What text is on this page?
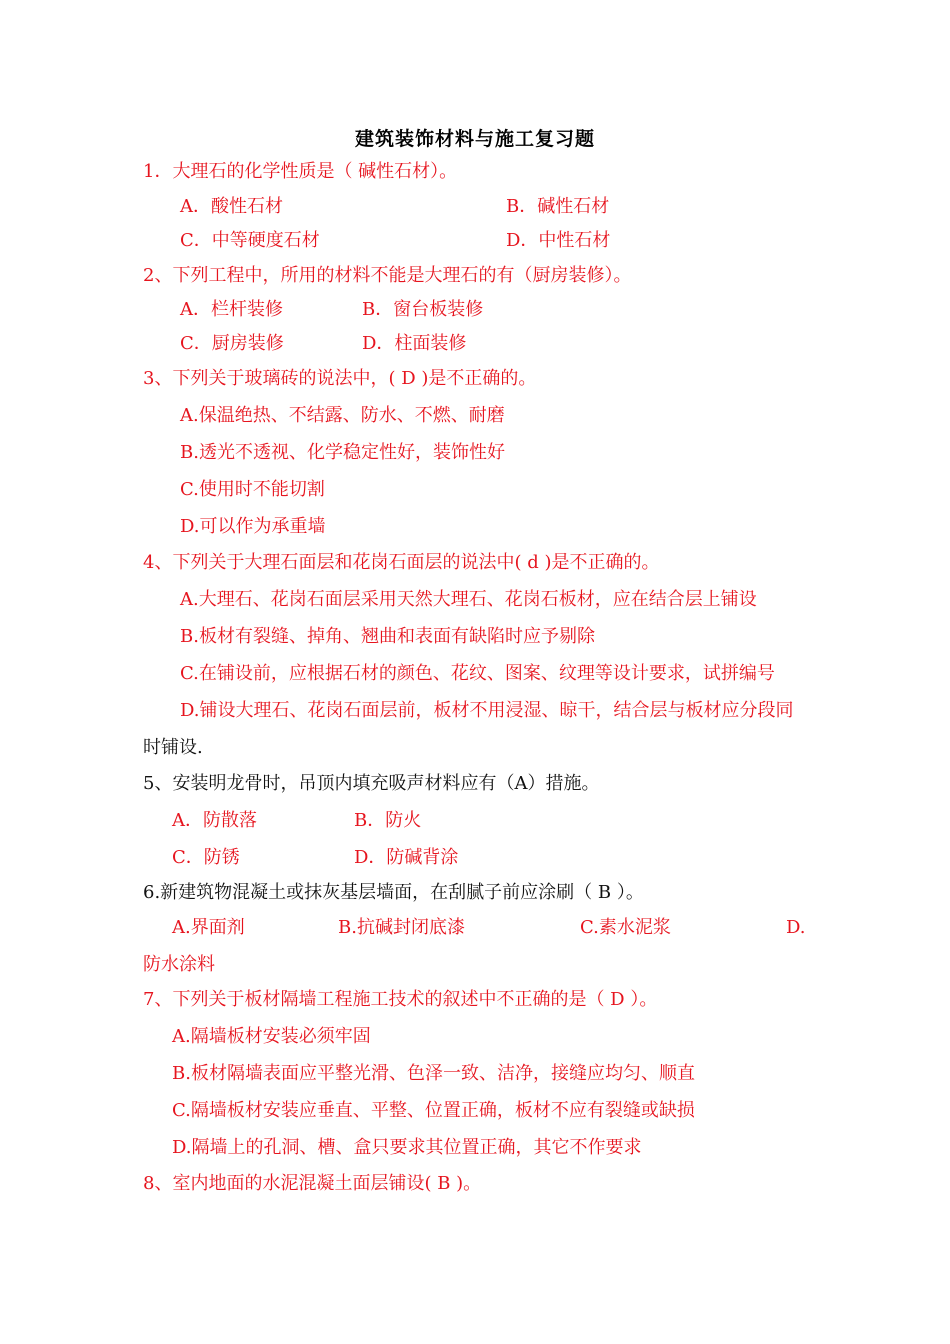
建筑装饰材料与施工复习题
1．大理石的化学性质是（ 碱性石材）。
A．酸性石材	B．碱性石材
C．中等硬度石材	D．中性石材
2、下列工程中，所用的材料不能是大理石的有（厨房装修）。
A．栏杆装修	B．窗台板装修
C．厨房装修	D．柱面装修
3、下列关于玻璃砖的说法中，( D )是不正确的。
A.保温绝热、不结露、防水、不燃、耐磨
B.透光不透视、化学稳定性好，装饰性好
C.使用时不能切割
D.可以作为承重墙
4、下列关于大理石面层和花岗石面层的说法中( d )是不正确的。
A.大理石、花岗石面层采用天然大理石、花岗石板材，应在结合层上铺设
B.板材有裂缝、掉角、翘曲和表面有缺陷时应予剔除
C.在铺设前，应根据石材的颜色、花纹、图案、纹理等设计要求，试拼编号
D.铺设大理石、花岗石面层前，板材不用浸湿、晾干，结合层与板材应分段同
时铺设.
5、安装明龙骨时，吊顶内填充吸声材料应有（A）措施。
A．防散落	B．防火
C．防锈	D．防碱背涂
6.新建筑物混凝土或抹灰基层墙面，在刮腻子前应涂刷（ B ）。
A.界面剂	B.抗碱封闭底漆	C.素水泥浆	D.
防水涂料
7、下列关于板材隔墙工程施工技术的叙述中不正确的是（ D ）。
A.隔墙板材安装必须牢固
B.板材隔墙表面应平整光滑、色泽一致、洁净，接缝应均匀、顺直
C.隔墙板材安装应垂直、平整、位置正确，板材不应有裂缝或缺损
D.隔墙上的孔洞、槽、盒只要求其位置正确，其它不作要求
8、室内地面的水泥混凝土面层铺设( B )。
